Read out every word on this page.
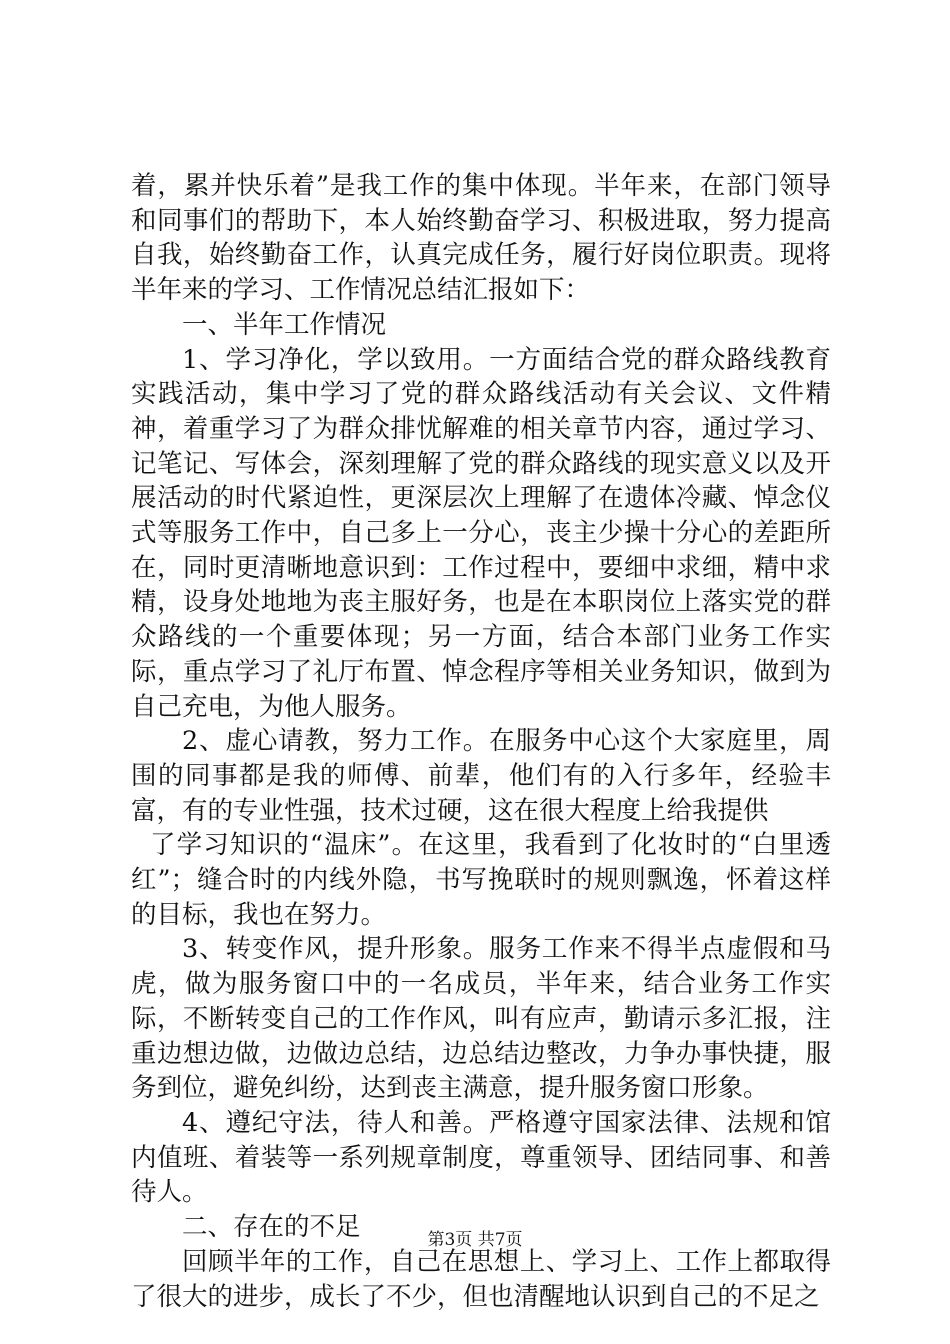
着，累并快乐着”是我工作的集中体现。半年来，在部门领导和同事们的帮助下，本人始终勤奋学习、积极进取，努力提高自我，始终勤奋工作，认真完成任务，履行好岗位职责。现将半年来的学习、工作情况总结汇报如下：

一、半年工作情况

1、学习净化，学以致用。一方面结合党的群众路线教育实践活动，集中学习了党的群众路线活动有关会议、文件精神，着重学习了为群众排忧解难的相关章节内容，通过学习、记笔记、写体会，深刻理解了党的群众路线的现实意义以及开展活动的时代紧迫性，更深层次上理解了在遗体冷藏、悼念仪式等服务工作中，自己多上一分心，丧主少操十分心的差距所在，同时更清晰地意识到：工作过程中，要细中求细，精中求精，设身处地地为丧主服好务，也是在本职岗位上落实党的群众路线的一个重要体现；另一方面，结合本部门业务工作实际，重点学习了礼厅布置、悼念程序等相关业务知识，做到为自己充电，为他人服务。

2、虚心请教，努力工作。在服务中心这个大家庭里，周围的同事都是我的师傅、前辈，他们有的入行多年，经验丰富，有的专业性强，技术过硬，这在很大程度上给我提供

了学习知识的“温床”。在这里，我看到了化妆时的“白里透红”；缝合时的内线外隐，书写挽联时的规则飘逸，怀着这样的目标，我也在努力。

3、转变作风，提升形象。服务工作来不得半点虚假和马虎，做为服务窗口中的一名成员，半年来，结合业务工作实际，不断转变自己的工作作风，叫有应声，勤请示多汇报，注重边想边做，边做边总结，边总结边整改，力争办事快捷，服务到位，避免纠纷，达到丧主满意，提升服务窗口形象。

4、遵纪守法，待人和善。严格遵守国家法律、法规和馆内值班、着装等一系列规章制度，尊重领导、团结同事、和善待人。

二、存在的不足

回顾半年的工作，自己在思想上、学习上、工作上都取得了很大的进步，成长了不少，但也清醒地认识到自己的不足之

第3页 共7页
